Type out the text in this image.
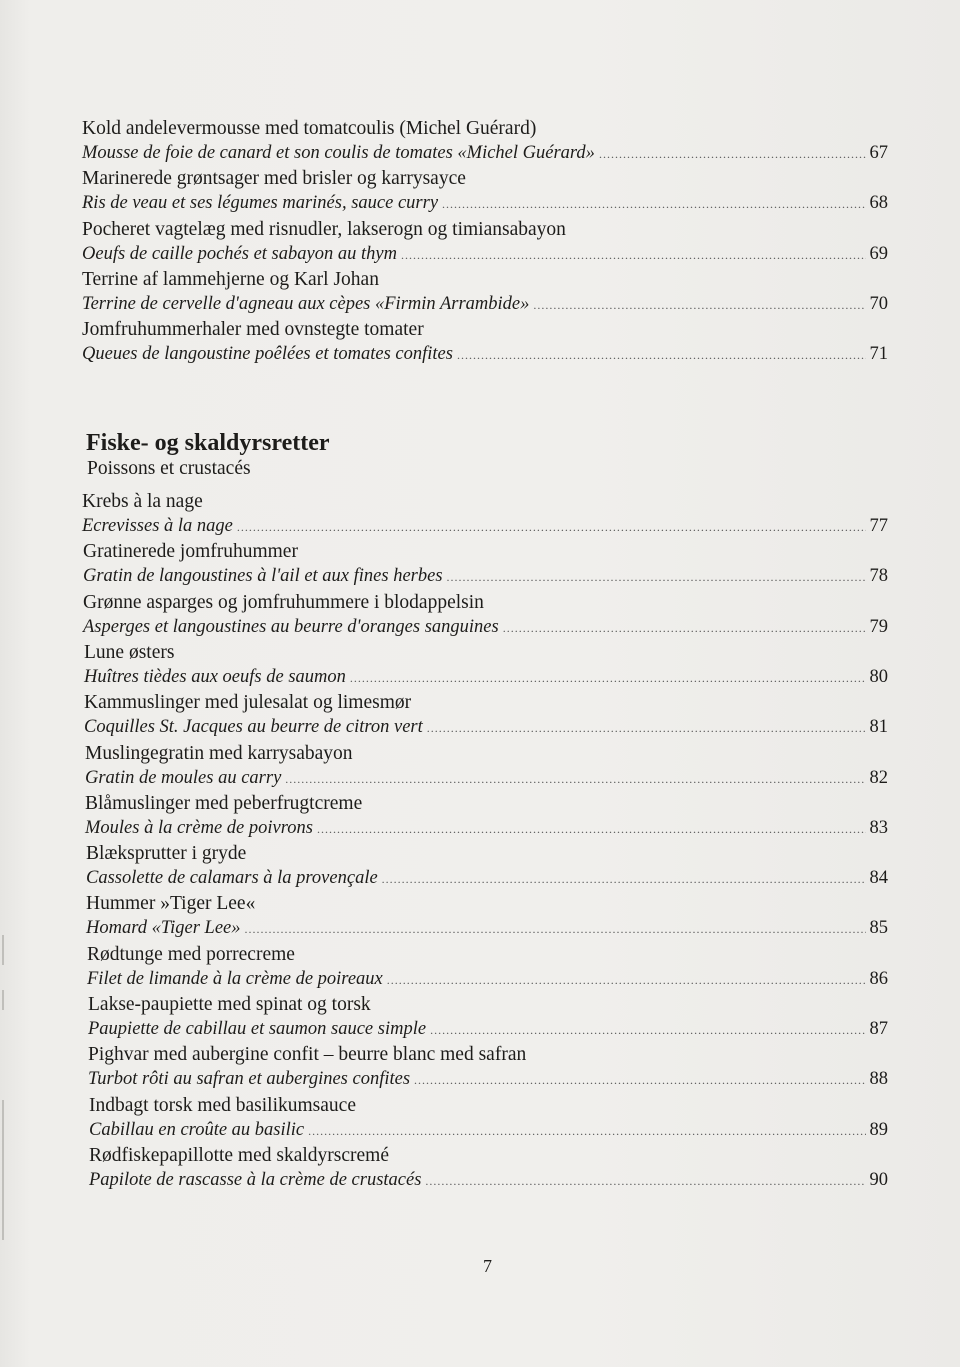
Kold andelevermousse med tomatcoulis (Michel Guérard)
Mousse de foie de canard et son coulis de tomates «Michel Guérard» .....	67
Marinerede grøntsager med brisler og karrysayce
Ris de veau et ses légumes marinés, sauce curry .....	68
Pocheret vagtelæg med risnudler, lakserogn og timiansabayon
Oeufs de caille pochés et sabayon au thym .....	69
Terrine af lammehjerne og Karl Johan
Terrine de cervelle d'agneau aux cèpes «Firmin Arrambide» .....	70
Jomfruhummerhaler med ovnstegte tomater
Queues de langoustine poêlées et tomates confites .....	71
Fiske- og skaldyrsretter
Poissons et crustacés
Krebs à la nage
Ecrevisses à la nage .....	77
Gratinerede jomfruhummer
Gratin de langoustines à l'ail et aux fines herbes .....	78
Grønne asparges og jomfruhummere i blodappelsin
Asperges et langoustines au beurre d'oranges sanguines .....	79
Lune østers
Huîtres tièdes aux oeufs de saumon .....	80
Kammuslinger med julesalat og limesmør
Coquilles St. Jacques au beurre de citron vert .....	81
Muslingegratin med karrysabayon
Gratin de moules au carry .....	82
Blåmuslinger med peberfrugtcreme
Moules à la crème de poivrons .....	83
Blæksprutter i gryde
Cassolette de calamars à la provençale .....	84
Hummer »Tiger Lee«
Homard «Tiger Lee» .....	85
Rødtunge med porrecreme
Filet de limande à la crème de poireaux .....	86
Lakse-paupiette med spinat og torsk
Paupiette de cabillau et saumon sauce simple .....	87
Pighvar med aubergine confit – beurre blanc med safran
Turbot rôti au safran et aubergines confites .....	88
Indbagt torsk med basilikumsauce
Cabillau en croûte au basilic .....	89
Rødfiskepapillotte med skaldyrscremé
Papilote de rascasse à la crème de crustacés .....	90
7
